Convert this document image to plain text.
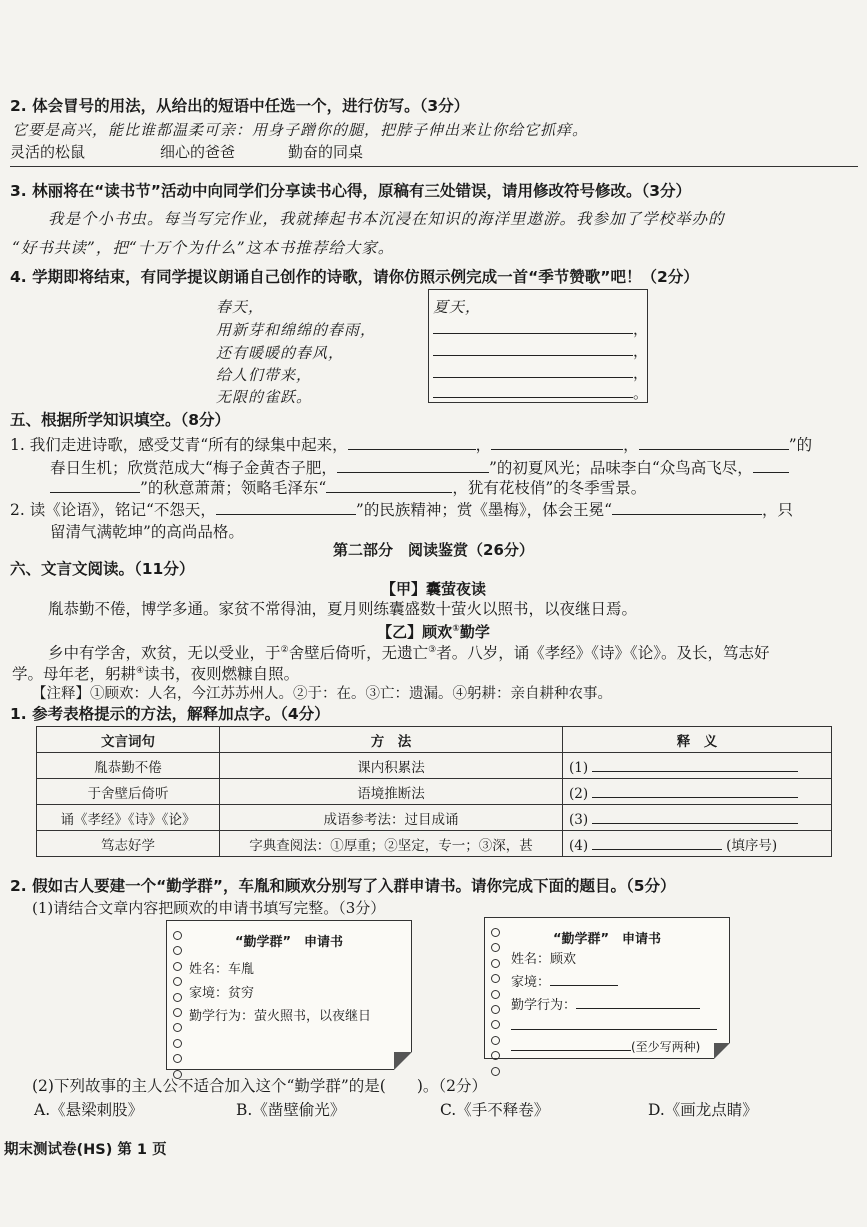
2. 体会冒号的用法，从给出的短语中任选一个，进行仿写。（3分）
它要是高兴，能比谁都温柔可亲：用身子蹭你的腿，把脖子伸出来让你给它抓痒。
灵活的松鼠	细心的爸爸	勤奋的同桌
3. 林丽将在“读书节”活动中向同学们分享读书心得，原稿有三处错误，请用修改符号修改。（3分）
我是个小书虫。每当写完作业，我就捧起书本沉浸在知识的海洋里遨游。我参加了学校举办的
“好书共读”，把“十万个为什么”这本书推荐给大家。
4. 学期即将结束，有同学提议朗诵自己创作的诗歌，请你仿照示例完成一首“季节赞歌”吧！（2分）
春天，
用新芽和绵绵的春雨，
还有暖暖的春风，
给人们带来，
无限的雀跃。
夏天，
，
，
，
。
五、根据所学知识填空。（8分）
1. 我们走进诗歌，感受艾青“所有的绿集中起来，	，	，	”的
春日生机；欣赏范成大“梅子金黄杏子肥，	”的初夏风光；品味李白“众鸟高飞尽，
”的秋意萧萧；领略毛泽东“	，犹有花枝俏”的冬季雪景。
2. 读《论语》，铭记“不怨天，	”的民族精神；赏《墨梅》，体会王冕“	，只
留清气满乾坤”的高尚品格。
第二部分　阅读鉴赏（26分）
六、文言文阅读。（11分）
【甲】囊萤夜读
胤恭勤不倦，博学多通。家贫不常得油，夏月则练囊盛数十萤火以照书，以夜继日焉。
【乙】顾欢①勤学
乡中有学舍，欢贫，无以受业，于②舍壁后倚听，无遗亡③者。八岁，诵《孝经》《诗》《论》。及长，笃志好
学。母年老，躬耕④读书，夜则燃糠自照。
【注释】①顾欢：人名，今江苏苏州人。②于：在。③亡：遗漏。④躬耕：亲自耕种农事。
1. 参考表格提示的方法，解释加点字。（4分）
文言词句	方　法	释　义
胤恭勤不倦	课内积累法	(1)
于舍壁后倚听	语境推断法	(2)
诵《孝经》《诗》《论》	成语参考法：过目成诵	(3)
笃志好学	字典查阅法：①厚重；②坚定，专一；③深，甚	(4) (填序号)
2. 假如古人要建一个“勤学群”，车胤和顾欢分别写了入群申请书。请你完成下面的题目。（5分）
(1)请结合文章内容把顾欢的申请书填写完整。（3分）
“勤学群”　申请书
姓名：车胤
家境：贫穷
勤学行为：萤火照书，以夜继日
“勤学群”　申请书
姓名：顾欢
家境：
勤学行为：
(至少写两种)
(2)下列故事的主人公不适合加入这个“勤学群”的是(　　)。（2分）
A.《悬梁刺股》	B.《凿壁偷光》	C.《手不释卷》	D.《画龙点睛》
期末测试卷(HS) 第 1 页
